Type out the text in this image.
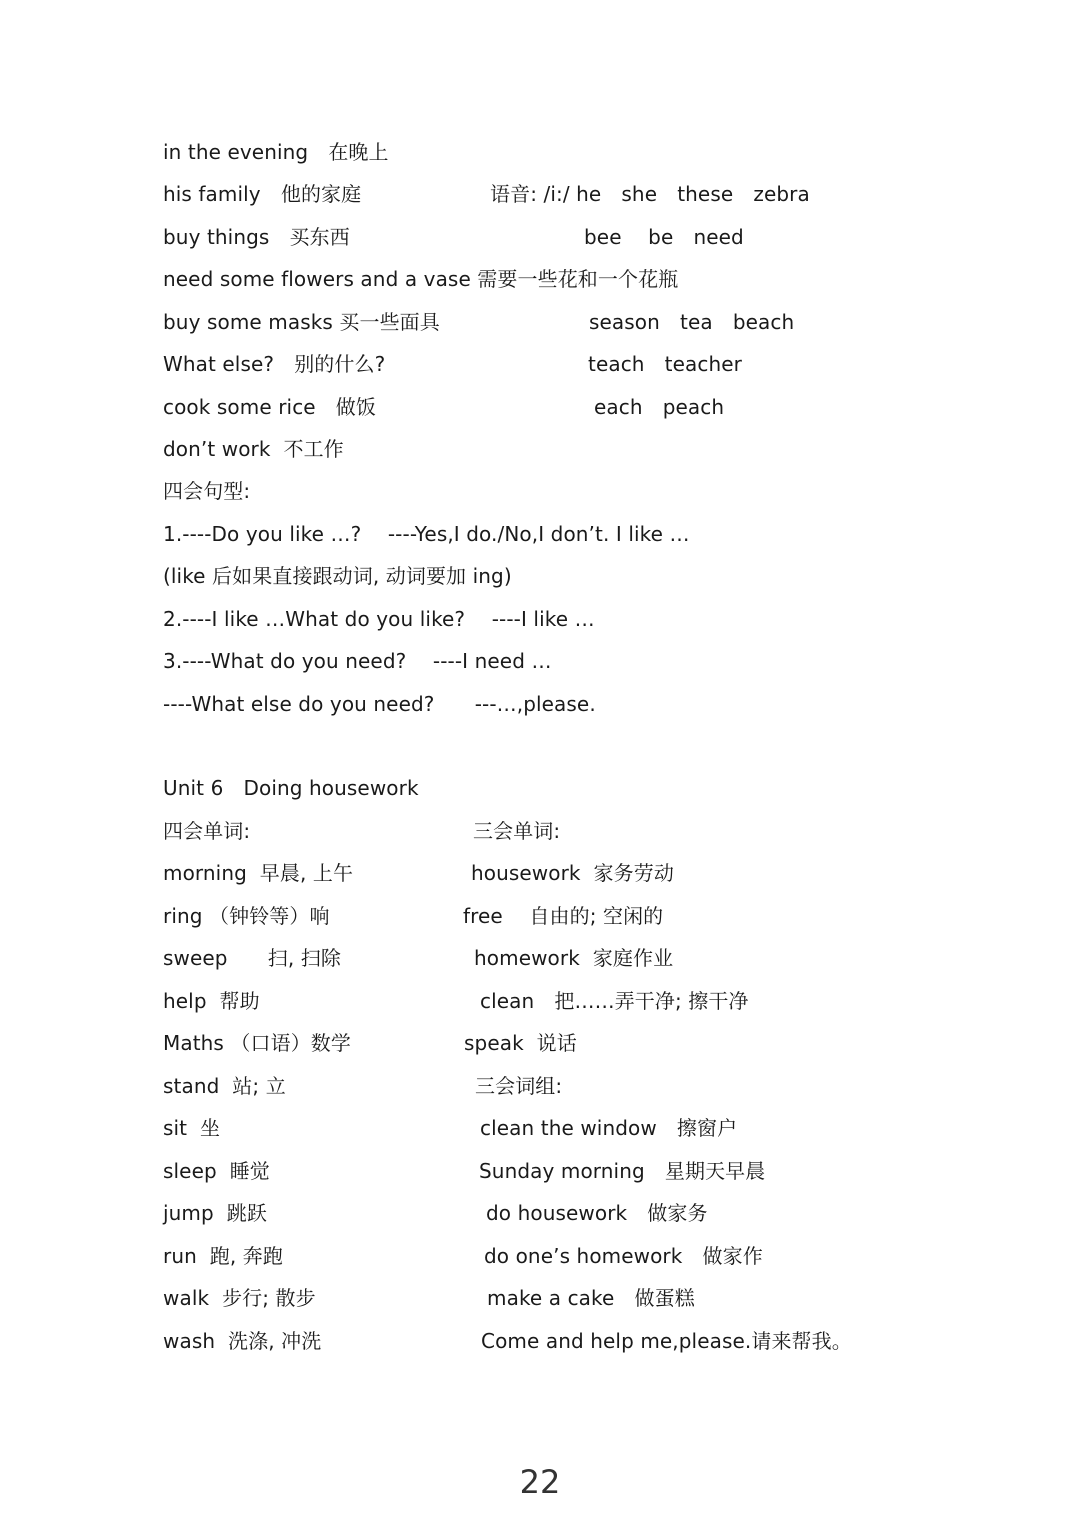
in the evening　在晚上
his family　他的家庭
buy things　买东西
need some flowers and a vase 需要一些花和一个花瓶
buy some masks 买一些面具
What else?　别的什么?
cook some rice　做饭
don’t work  不工作
语音: /i:/ he　she　these　zebra
bee　 be　need
season　tea　beach
teach　teacher
each　peach
四会句型:
1.----Do you like …?　 ----Yes,I do./No,I don’t. I like …
(like 后如果直接跟动词, 动词要加 ing)
2.----I like …What do you like?　 ----I like …
3.----What do you need?　 ----I need …
----What else do you need?　　---…,please.
Unit 6　Doing housework
四会单词:	三会单词:
morning  早晨, 上午
ring （钟铃等）响
sweep　　扫, 扫除
help  帮助
Maths （口语）数学
stand  站; 立
sit  坐
sleep  睡觉
jump  跳跃
run  跑, 奔跑
walk  步行; 散步
wash  洗涤, 冲洗
housework  家务劳动
free　 自由的; 空闲的
homework  家庭作业
clean　把……弄干净; 擦干净
speak  说话
三会词组:
clean the window　擦窗户
Sunday morning　星期天早晨
do housework　做家务
do one’s homework　做家作
make a cake　做蛋糕
Come and help me,please.请来帮我。
22
